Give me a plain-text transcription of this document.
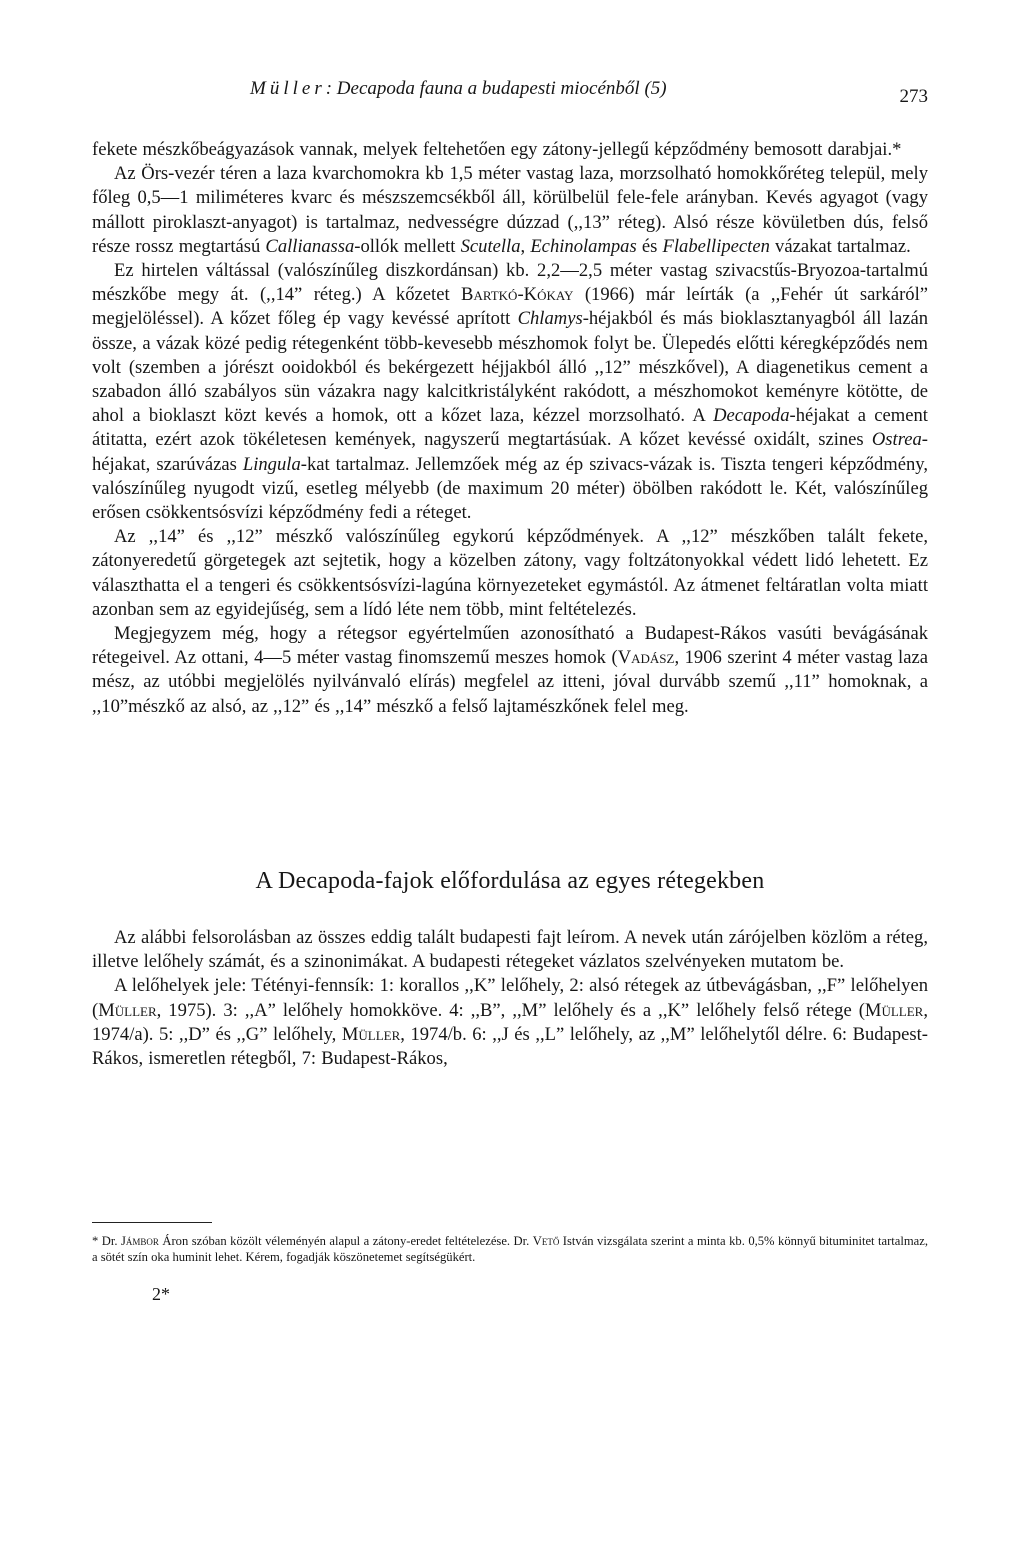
Müller: Decapoda fauna a budapesti miocénből (5)	273

fekete mészkőbeágyazások vannak, melyek feltehetően egy zátony-jellegű képződmény bemosott darabjai.*

Az Örs-vezér téren a laza kvarchomokra kb 1,5 méter vastag laza, morzsolható homokkőréteg települ, mely főleg 0,5—1 miliméteres kvarc és mészszemcsékből áll, körülbelül fele-fele arányban. Kevés agyagot (vagy mállott piroklaszt-anyagot) is tartalmaz, nedvességre dúzzad (,,13” réteg). Alsó része kövületben dús, felső része rossz megtartású Callianassa-ollók mellett Scutella, Echinolampas és Flabellipecten vázakat tartalmaz.

Ez hirtelen váltással (valószínűleg diszkordánsan) kb. 2,2—2,5 méter vastag szivacstűs-Bryozoa-tartalmú mészkőbe megy át. (,,14” réteg.) A kőzetet Bartkó-Kókay (1966) már leírták (a ,,Fehér út sarkáról” megjelöléssel). A kőzet főleg ép vagy kevéssé aprított Chlamys-héjakból és más bioklasztanyagból áll lazán össze, a vázak közé pedig rétegenként több-kevesebb mészhomok folyt be. Ülepedés előtti kéregképződés nem volt (szemben a jórészt ooidokból és bekérgezett héjjakból álló ,,12” mészkővel), A diagenetikus cement a szabadon álló szabályos sün vázakra nagy kalcitkristályként rakódott, a mészhomokot keményre kötötte, de ahol a bioklaszt közt kevés a homok, ott a kőzet laza, kézzel morzsolható. A Decapoda-héjakat a cement átitatta, ezért azok tökéletesen kemények, nagyszerű megtartásúak. A kőzet kevéssé oxidált, szines Ostrea-héjakat, szarúvázas Lingula-kat tartalmaz. Jellemzőek még az ép szivacs-vázak is. Tiszta tengeri képződmény, valószínűleg nyugodt vizű, esetleg mélyebb (de maximum 20 méter) öbölben rakódott le. Két, valószínűleg erősen csökkentsósvízi képződmény fedi a réteget.

Az ,,14” és ,,12” mészkő valószínűleg egykorú képződmények. A ,,12” mészkőben talált fekete, zátonyeredetű görgetegek azt sejtetik, hogy a közelben zátony, vagy foltzátonyokkal védett lidó lehetett. Ez választhatta el a tengeri és csökkentsósvízi-lagúna környezeteket egymástól. Az átmenet feltáratlan volta miatt azonban sem az egyidejűség, sem a lídó léte nem több, mint feltételezés.

Megjegyzem még, hogy a rétegsor egyértelműen azonosítható a Budapest-Rákos vasúti bevágásának rétegeivel. Az ottani, 4—5 méter vastag finomszemű meszes homok (Vadász, 1906 szerint 4 méter vastag laza mész, az utóbbi megjelölés nyilvánvaló elírás) megfelel az itteni, jóval durvább szemű ,,11” homoknak, a ,,10”mészkő az alsó, az ,,12” és ,,14” mészkő a felső lajtamészkőnek felel meg.

A Decapoda-fajok előfordulása az egyes rétegekben

Az alábbi felsorolásban az összes eddig talált budapesti fajt leírom. A nevek után zárójelben közlöm a réteg, illetve lelőhely számát, és a szinonimákat. A budapesti rétegeket vázlatos szelvényeken mutatom be.

A lelőhelyek jele: Tétényi-fennsík: 1: korallos ,,K” lelőhely, 2: alsó rétegek az útbevágásban, ,,F” lelőhelyen (Müller, 1975). 3: ,,A” lelőhely homokköve. 4: ,,B”, ,,M” lelőhely és a ,,K” lelőhely felső rétege (Müller, 1974/a). 5: ,,D” és ,,G” lelőhely, Müller, 1974/b. 6: ,,J és ,,L” lelőhely, az ,,M” lelőhelytől délre. 6: Budapest-Rákos, ismeretlen rétegből, 7: Budapest-Rákos,

* Dr. Jámbor Áron szóban közölt véleményén alapul a zátony-eredet feltételezése. Dr. Vető István vizsgálata szerint a minta kb. 0,5% könnyű bituminitet tartalmaz, a sötét szín oka huminit lehet. Kérem, fogadják köszönetemet segítségükért.
2*
